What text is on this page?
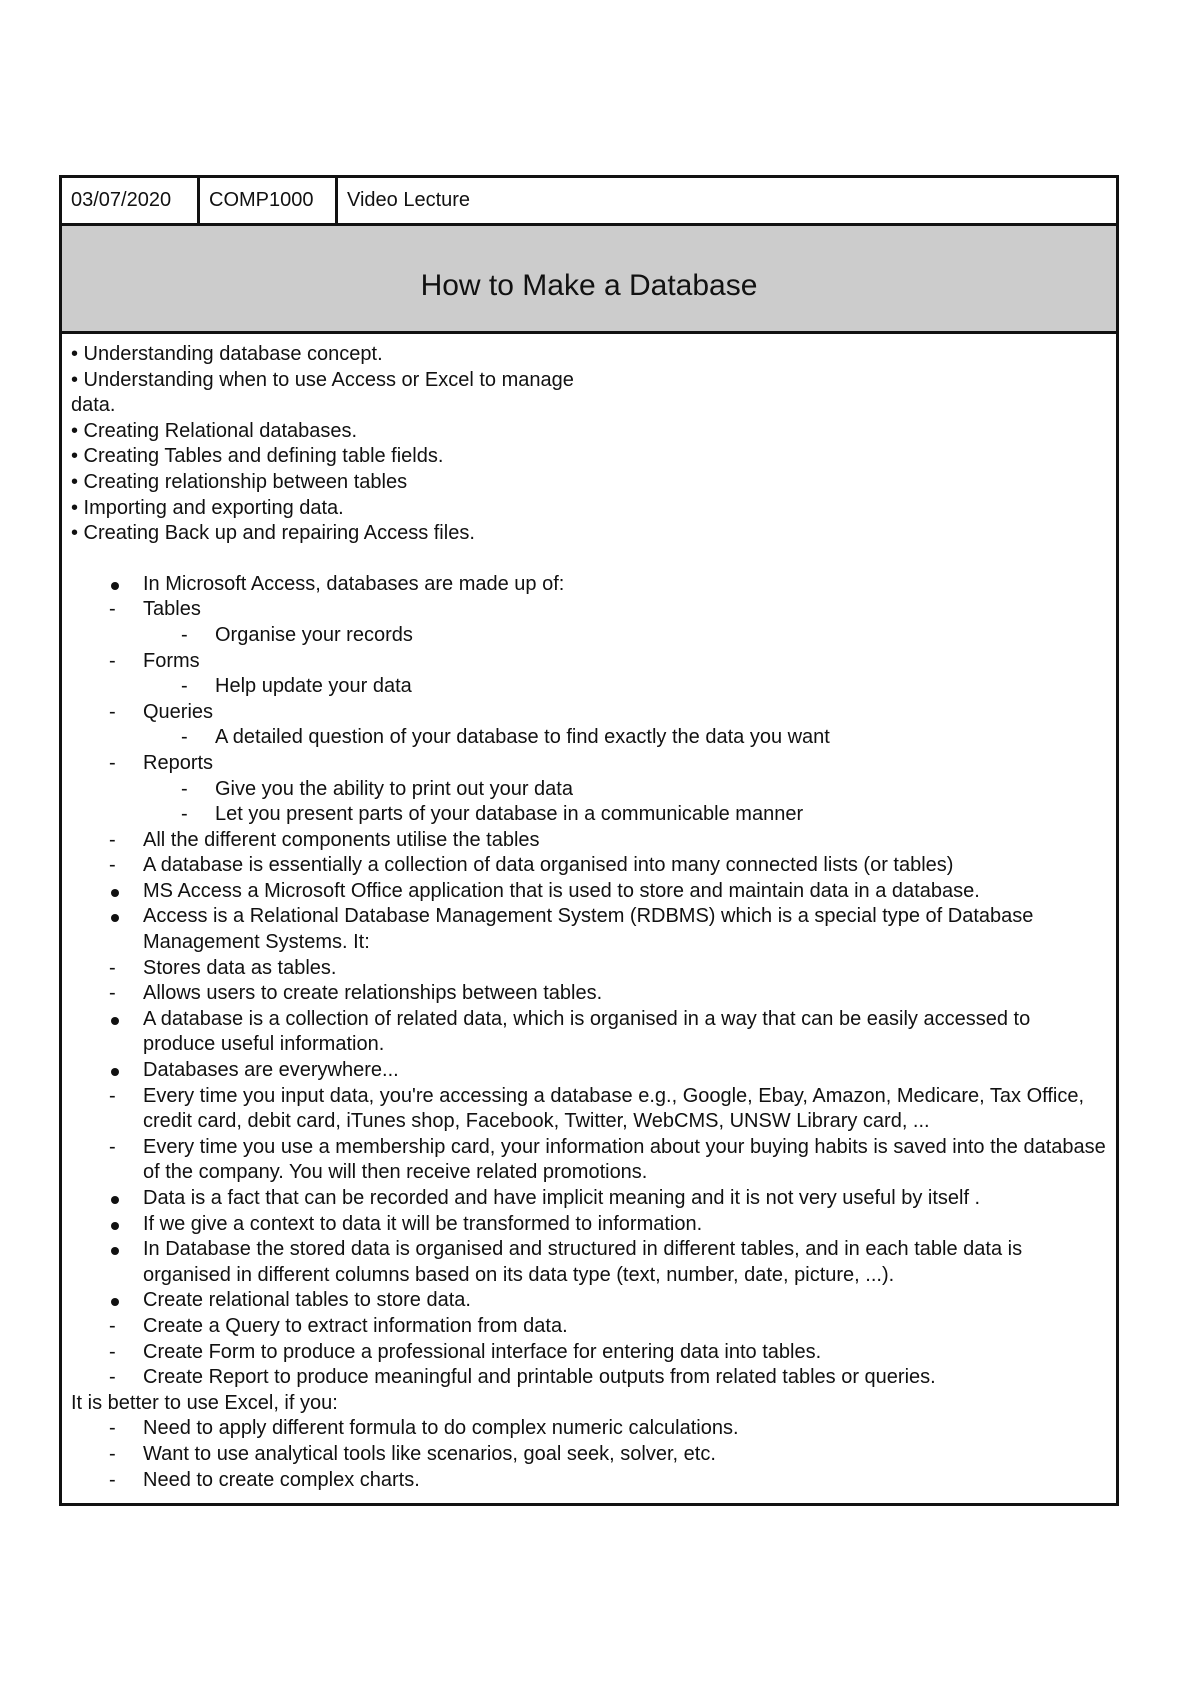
03/07/2020	COMP1000	Video Lecture
How to Make a Database
• Understanding database concept.
• Understanding when to use Access or Excel to manage
data.
• Creating Relational databases.
• Creating Tables and defining table fields.
• Creating relationship between tables
• Importing and exporting data.
• Creating Back up and repairing Access files.
In Microsoft Access, databases are made up of:
-
Tables
-
Organise your records
-
Forms
-
Help update your data
-
Queries
-
A detailed question of your database to find exactly the data you want
-
Reports
-
Give you the ability to print out your data
-
Let you present parts of your database in a communicable manner
-
All the different components utilise the tables
-
A database is essentially a collection of data organised into many connected lists (or tables)
MS Access a Microsoft Office application that is used to store and maintain data in a database.
Access is a Relational Database Management System (RDBMS) which is a special type of Database Management Systems. It:
-
Stores data as tables.
-
Allows users to create relationships between tables.
A database is a collection of related data, which is organised in a way that can be easily accessed to produce useful information.
Databases are everywhere...
-
Every time you input data, you're accessing a database e.g., Google, Ebay, Amazon, Medicare, Tax Office, credit card, debit card, iTunes shop, Facebook, Twitter, WebCMS, UNSW Library card, ...
-
Every time you use a membership card, your information about your buying habits is saved into the database of the company. You will then receive related promotions.
Data is a fact that can be recorded and have implicit meaning and it is not very useful by itself .
If we give a context to data it will be transformed to information.
In Database the stored data is organised and structured in different tables, and in each table data is organised in different columns based on its data type (text, number, date, picture, ...).
Create relational tables to store data.
-
Create a Query to extract information from data.
-
Create Form to produce a professional interface for entering data into tables.
-
Create Report to produce meaningful and printable outputs from related tables or queries.
It is better to use Excel, if you:
-
Need to apply different formula to do complex numeric calculations.
-
Want to use analytical tools like scenarios, goal seek, solver, etc.
-
Need to create complex charts.
